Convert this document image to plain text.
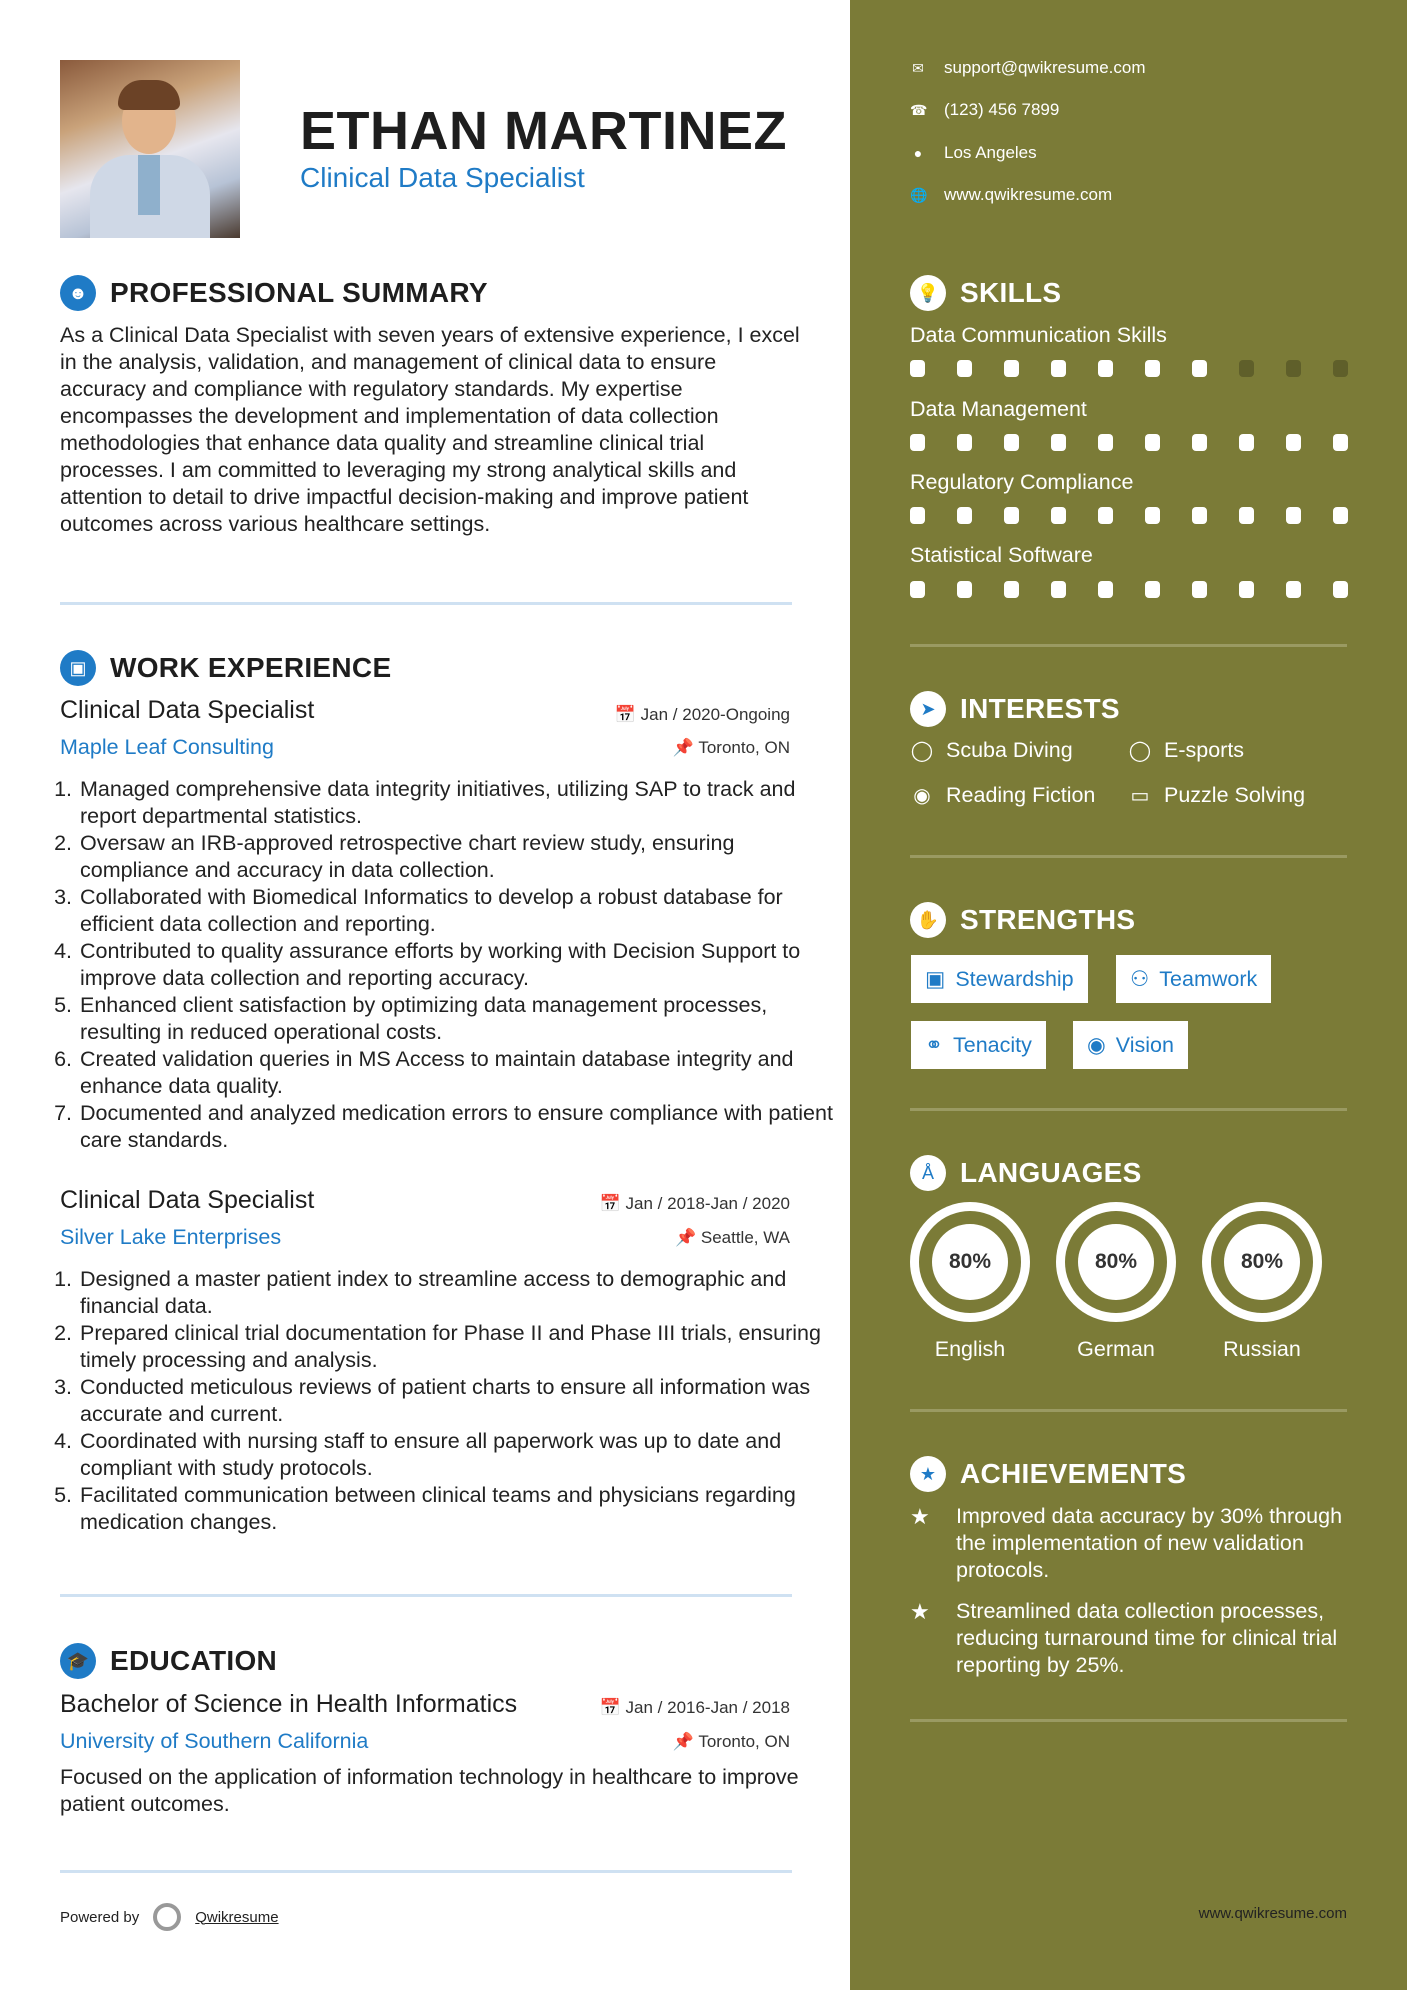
ETHAN MARTINEZ
Clinical Data Specialist
☻ PROFESSIONAL SUMMARY
As a Clinical Data Specialist with seven years of extensive experience, I excel in the analysis, validation, and management of clinical data to ensure accuracy and compliance with regulatory standards. My expertise encompasses the development and implementation of data collection methodologies that enhance data quality and streamline clinical trial processes. I am committed to leveraging my strong analytical skills and attention to detail to drive impactful decision-making and improve patient outcomes across various healthcare settings.
▣ WORK EXPERIENCE
Clinical Data Specialist	📅 Jan / 2020-Ongoing
Maple Leaf Consulting	📌 Toronto, ON
1. Managed comprehensive data integrity initiatives, utilizing SAP to track and report departmental statistics.
2. Oversaw an IRB-approved retrospective chart review study, ensuring compliance and accuracy in data collection.
3. Collaborated with Biomedical Informatics to develop a robust database for efficient data collection and reporting.
4. Contributed to quality assurance efforts by working with Decision Support to improve data collection and reporting accuracy.
5. Enhanced client satisfaction by optimizing data management processes, resulting in reduced operational costs.
6. Created validation queries in MS Access to maintain database integrity and enhance data quality.
7. Documented and analyzed medication errors to ensure compliance with patient care standards.
Clinical Data Specialist	📅 Jan / 2018-Jan / 2020
Silver Lake Enterprises	📌 Seattle, WA
1. Designed a master patient index to streamline access to demographic and financial data.
2. Prepared clinical trial documentation for Phase II and Phase III trials, ensuring timely processing and analysis.
3. Conducted meticulous reviews of patient charts to ensure all information was accurate and current.
4. Coordinated with nursing staff to ensure all paperwork was up to date and compliant with study protocols.
5. Facilitated communication between clinical teams and physicians regarding medication changes.
🎓 EDUCATION
Bachelor of Science in Health Informatics	📅 Jan / 2016-Jan / 2018
University of Southern California	📌 Toronto, ON
Focused on the application of information technology in healthcare to improve patient outcomes.
Powered by	Qwikresume
✉ support@qwikresume.com
☎ (123) 456 7899
● Los Angeles
🌐 www.qwikresume.com
💡 SKILLS
Data Communication Skills
Data Management
Regulatory Compliance
Statistical Software
➤ INTERESTS
◯ Scuba Diving	◯ E-sports
◉ Reading Fiction ▭ Puzzle Solving
✋ STRENGTHS
▣ Stewardship	⚇ Teamwork
⚭ Tenacity	◉ Vision
Å LANGUAGES
80%
English
80%
German
80%
Russian
★ ACHIEVEMENTS
★	Improved data accuracy by 30% through the implementation of new validation protocols.
★	Streamlined data collection processes, reducing turnaround time for clinical trial reporting by 25%.
www.qwikresume.com
